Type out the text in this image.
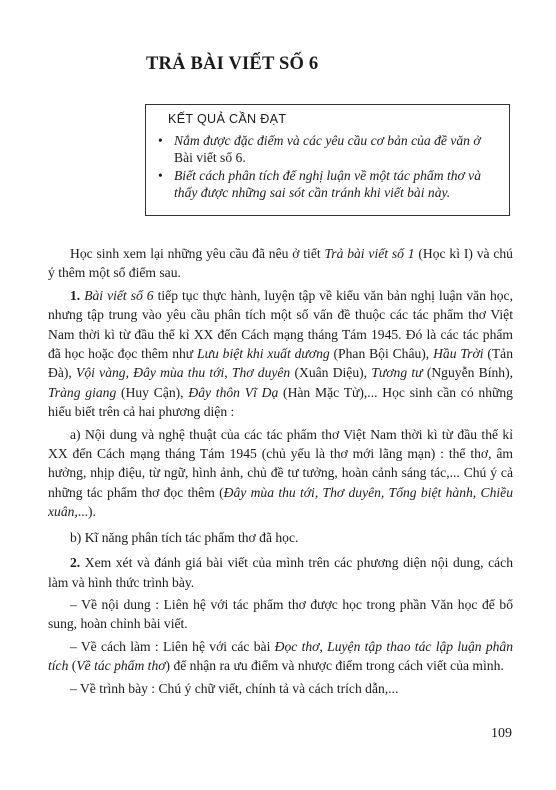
TRẢ BÀI VIẾT SỐ 6
KẾT QUẢ CẦN ĐẠT
• Nắm được đặc điểm và các yêu cầu cơ bản của đề văn ở Bài viết số 6.
• Biết cách phân tích để nghị luận về một tác phẩm thơ và thấy được những sai sót cần tránh khi viết bài này.

Học sinh xem lại những yêu cầu đã nêu ở tiết Trả bài viết số 1 (Học kì I) và chú ý thêm một số điểm sau.

1. Bài viết số 6 tiếp tục thực hành, luyện tập về kiểu văn bản nghị luận văn học, nhưng tập trung vào yêu cầu phân tích một số vấn đề thuộc các tác phẩm thơ Việt Nam thời kì từ đầu thế kỉ XX đến Cách mạng tháng Tám 1945. Đó là các tác phẩm đã học hoặc đọc thêm như Lưu biệt khi xuất dương (Phan Bội Châu), Hầu Trời (Tản Đà), Vội vàng, Đây mùa thu tới, Thơ duyên (Xuân Diệu), Tương tư (Nguyễn Bính), Tràng giang (Huy Cận), Đây thôn Vĩ Dạ (Hàn Mặc Tử),... Học sinh cần có những hiểu biết trên cả hai phương diện :

a) Nội dung và nghệ thuật của các tác phẩm thơ Việt Nam thời kì từ đầu thế kỉ XX đến Cách mạng tháng Tám 1945 (chủ yếu là thơ mới lãng mạn) : thể thơ, âm hưởng, nhịp điệu, từ ngữ, hình ảnh, chủ đề tư tưởng, hoàn cảnh sáng tác,... Chú ý cả những tác phẩm thơ đọc thêm (Đây mùa thu tới, Thơ duyên, Tống biệt hành, Chiều xuân,...).

b) Kĩ năng phân tích tác phẩm thơ đã học.

2. Xem xét và đánh giá bài viết của mình trên các phương diện nội dung, cách làm và hình thức trình bày.

– Về nội dung : Liên hệ với tác phẩm thơ được học trong phần Văn học để bổ sung, hoàn chỉnh bài viết.

– Về cách làm : Liên hệ với các bài Đọc thơ, Luyện tập thao tác lập luận phân tích (Về tác phẩm thơ) để nhận ra ưu điểm và nhược điểm trong cách viết của mình.

– Về trình bày : Chú ý chữ viết, chính tả và cách trích dẫn,...

109
